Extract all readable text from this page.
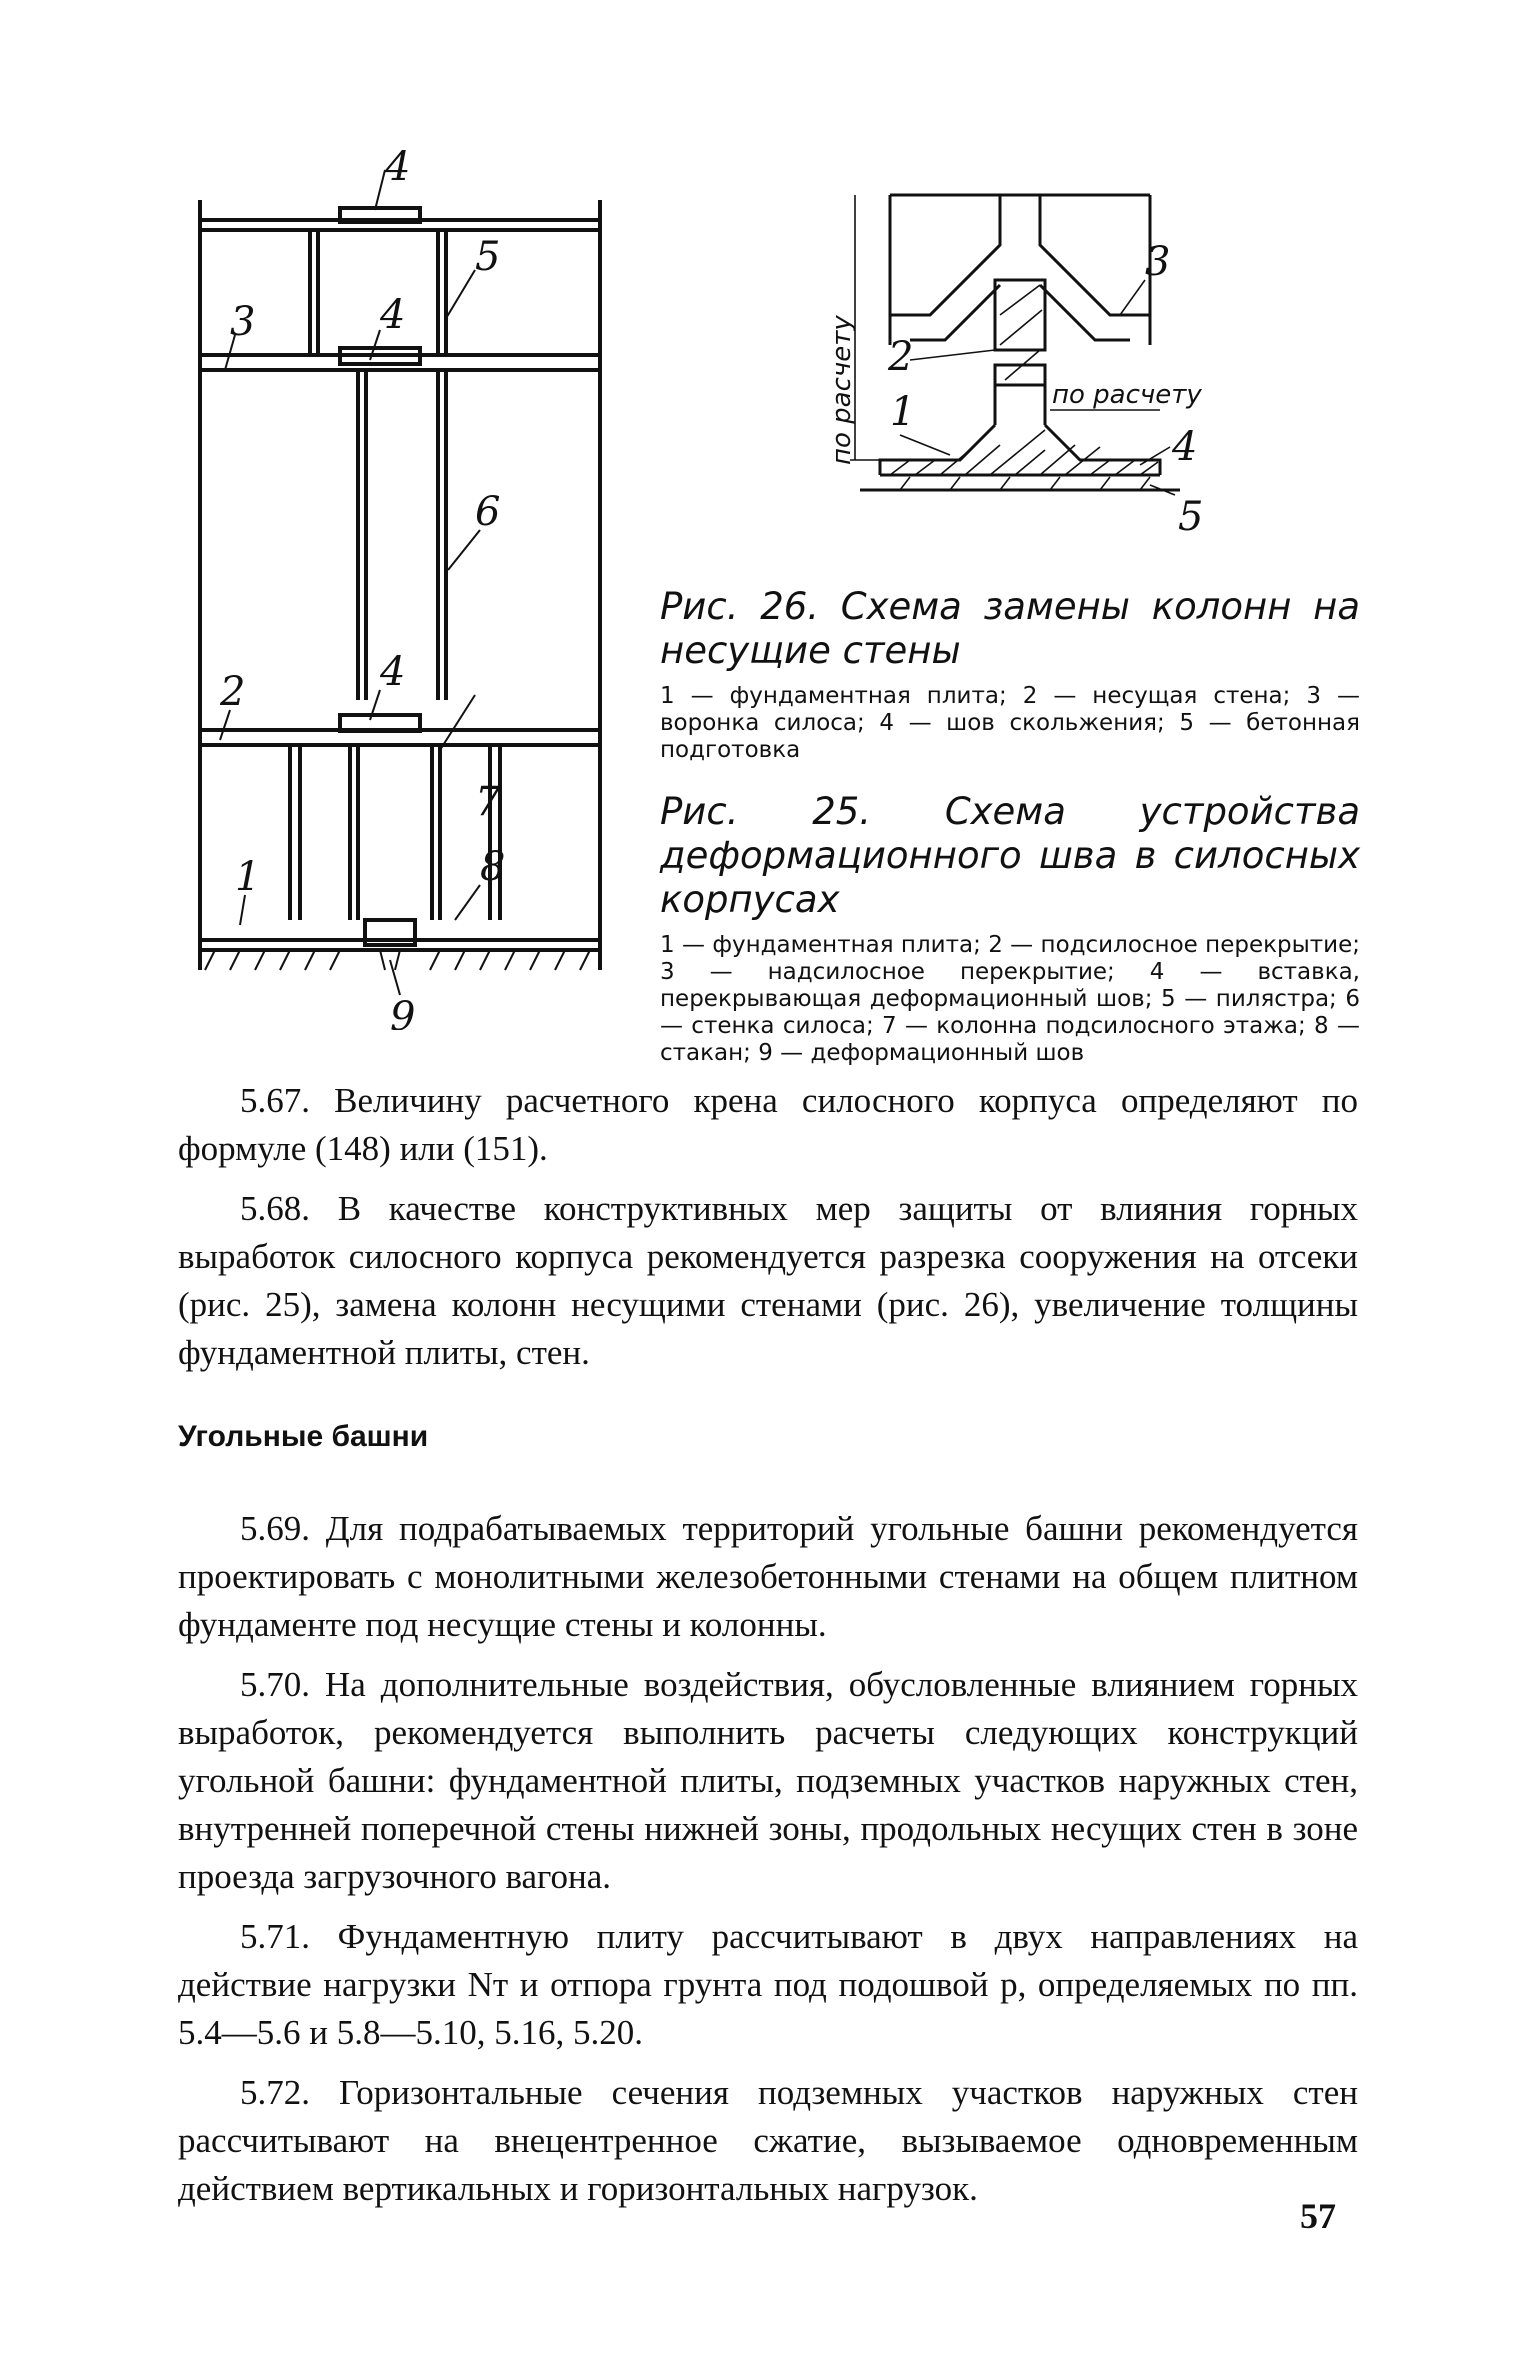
4
5
3	4
6
2	4
7
1	8
9
3
2
1
4
5
по расчету	по расчету
Рис. 26. Схема замены колонн на несущие стены
1 — фундаментная плита; 2 — несущая стена; 3 — воронка силоса; 4 — шов скольжения; 5 — бетонная подготовка
Рис. 25. Схема устройства деформационного шва в силосных корпусах
1 — фундаментная плита; 2 — подсилосное перекрытие; 3 — надсилосное перекрытие; 4 — вставка, перекрывающая деформационный шов; 5 — пилястра; 6 — стенка силоса; 7 — колонна подсилосного этажа; 8 — стакан; 9 — деформационный шов

5.67. Величину расчетного крена силосного корпуса определяют по формуле (148) или (151).

5.68. В качестве конструктивных мер защиты от влияния горных выработок силосного корпуса рекомендуется разрезка сооружения на отсеки (рис. 25), замена колонн несущими стенами (рис. 26), увеличение толщины фундаментной плиты, стен.

Угольные башни

5.69. Для подрабатываемых территорий угольные башни рекомендуется проектировать с монолитными железобетонными стенами на общем плитном фундаменте под несущие стены и колонны.

5.70. На дополнительные воздействия, обусловленные влиянием горных выработок, рекомендуется выполнить расчеты следующих конструкций угольной башни: фундаментной плиты, подземных участков наружных стен, внутренней поперечной стены нижней зоны, продольных несущих стен в зоне проезда загрузочного вагона.

5.71. Фундаментную плиту рассчитывают в двух направлениях на действие нагрузки Nт и отпора грунта под подошвой p, определяемых по пп. 5.4—5.6 и 5.8—5.10, 5.16, 5.20.

5.72. Горизонтальные сечения подземных участков наружных стен рассчитывают на внецентренное сжатие, вызываемое одновременным действием вертикальных и горизонтальных нагрузок.

57
